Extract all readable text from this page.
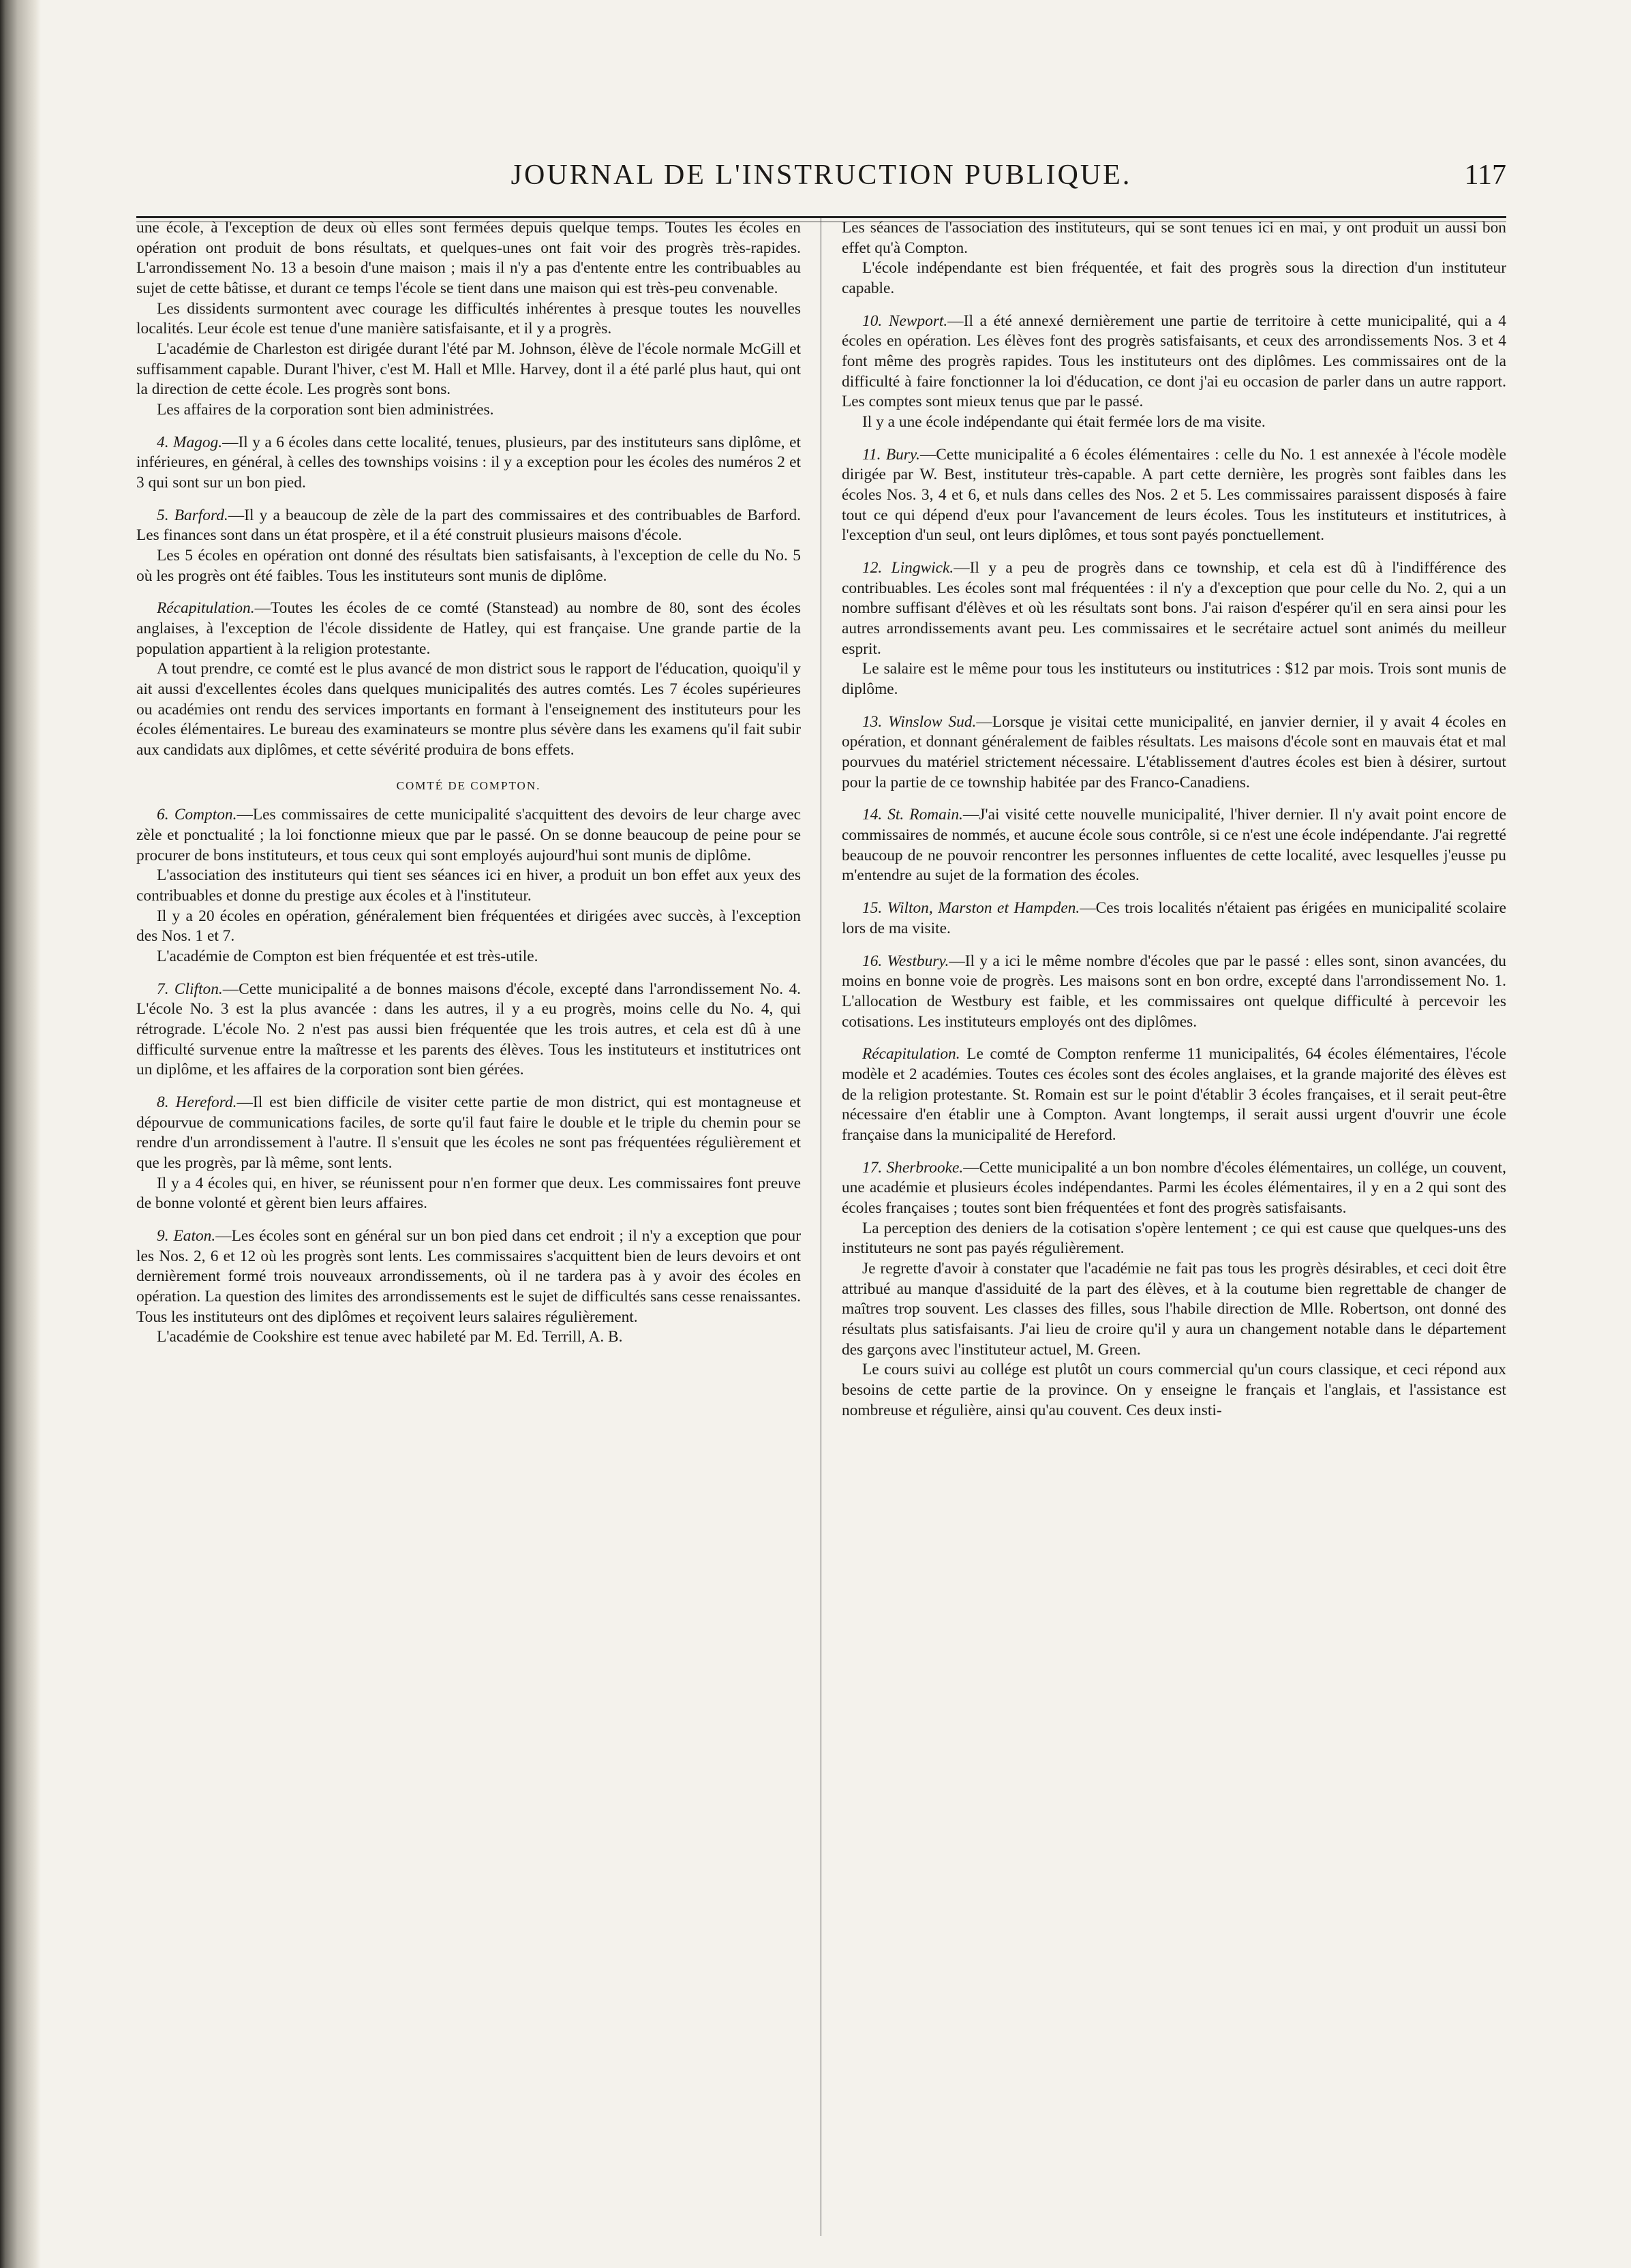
JOURNAL DE L'INSTRUCTION PUBLIQUE.	117

une école, à l'exception de deux où elles sont fermées depuis quelque temps. Toutes les écoles en opération ont produit de bons résultats, et quelques-unes ont fait voir des progrès très-rapides. L'arrondissement No. 13 a besoin d'une maison ; mais il n'y a pas d'entente entre les contribuables au sujet de cette bâtisse, et durant ce temps l'école se tient dans une maison qui est très-peu convenable.

Les dissidents surmontent avec courage les difficultés inhérentes à presque toutes les nouvelles localités. Leur école est tenue d'une manière satisfaisante, et il y a progrès.

L'académie de Charleston est dirigée durant l'été par M. Johnson, élève de l'école normale McGill et suffisamment capable. Durant l'hiver, c'est M. Hall et Mlle. Harvey, dont il a été parlé plus haut, qui ont la direction de cette école. Les progrès sont bons.

Les affaires de la corporation sont bien administrées.

4. Magog.—Il y a 6 écoles dans cette localité, tenues, plusieurs, par des instituteurs sans diplôme, et inférieures, en général, à celles des townships voisins : il y a exception pour les écoles des numéros 2 et 3 qui sont sur un bon pied.

5. Barford.—Il y a beaucoup de zèle de la part des commissaires et des contribuables de Barford. Les finances sont dans un état prospère, et il a été construit plusieurs maisons d'école.

Les 5 écoles en opération ont donné des résultats bien satisfaisants, à l'exception de celle du No. 5 où les progrès ont été faibles. Tous les instituteurs sont munis de diplôme.

Récapitulation.—Toutes les écoles de ce comté (Stanstead) au nombre de 80, sont des écoles anglaises, à l'exception de l'école dissidente de Hatley, qui est française. Une grande partie de la population appartient à la religion protestante.

A tout prendre, ce comté est le plus avancé de mon district sous le rapport de l'éducation, quoiqu'il y ait aussi d'excellentes écoles dans quelques municipalités des autres comtés. Les 7 écoles supérieures ou académies ont rendu des services importants en formant à l'enseignement des instituteurs pour les écoles élémentaires. Le bureau des examinateurs se montre plus sévère dans les examens qu'il fait subir aux candidats aux diplômes, et cette sévérité produira de bons effets.

COMTÉ DE COMPTON.

6. Compton.—Les commissaires de cette municipalité s'acquittent des devoirs de leur charge avec zèle et ponctualité ; la loi fonctionne mieux que par le passé. On se donne beaucoup de peine pour se procurer de bons instituteurs, et tous ceux qui sont employés aujourd'hui sont munis de diplôme.

L'association des instituteurs qui tient ses séances ici en hiver, a produit un bon effet aux yeux des contribuables et donne du prestige aux écoles et à l'instituteur.

Il y a 20 écoles en opération, généralement bien fréquentées et dirigées avec succès, à l'exception des Nos. 1 et 7.

L'académie de Compton est bien fréquentée et est très-utile.

7. Clifton.—Cette municipalité a de bonnes maisons d'école, excepté dans l'arrondissement No. 4. L'école No. 3 est la plus avancée : dans les autres, il y a eu progrès, moins celle du No. 4, qui rétrograde. L'école No. 2 n'est pas aussi bien fréquentée que les trois autres, et cela est dû à une difficulté survenue entre la maîtresse et les parents des élèves. Tous les instituteurs et institutrices ont un diplôme, et les affaires de la corporation sont bien gérées.

8. Hereford.—Il est bien difficile de visiter cette partie de mon district, qui est montagneuse et dépourvue de communications faciles, de sorte qu'il faut faire le double et le triple du chemin pour se rendre d'un arrondissement à l'autre. Il s'ensuit que les écoles ne sont pas fréquentées régulièrement et que les progrès, par là même, sont lents.

Il y a 4 écoles qui, en hiver, se réunissent pour n'en former que deux. Les commissaires font preuve de bonne volonté et gèrent bien leurs affaires.

9. Eaton.—Les écoles sont en général sur un bon pied dans cet endroit ; il n'y a exception que pour les Nos. 2, 6 et 12 où les progrès sont lents. Les commissaires s'acquittent bien de leurs devoirs et ont dernièrement formé trois nouveaux arrondissements, où il ne tardera pas à y avoir des écoles en opération. La question des limites des arrondissements est le sujet de difficultés sans cesse renaissantes. Tous les instituteurs ont des diplômes et reçoivent leurs salaires régulièrement.

L'académie de Cookshire est tenue avec habileté par M. Ed. Terrill, A. B.

Les séances de l'association des instituteurs, qui se sont tenues ici en mai, y ont produit un aussi bon effet qu'à Compton.

L'école indépendante est bien fréquentée, et fait des progrès sous la direction d'un instituteur capable.

10. Newport.—Il a été annexé dernièrement une partie de territoire à cette municipalité, qui a 4 écoles en opération. Les élèves font des progrès satisfaisants, et ceux des arrondissements Nos. 3 et 4 font même des progrès rapides. Tous les instituteurs ont des diplômes. Les commissaires ont de la difficulté à faire fonctionner la loi d'éducation, ce dont j'ai eu occasion de parler dans un autre rapport. Les comptes sont mieux tenus que par le passé.

Il y a une école indépendante qui était fermée lors de ma visite.

11. Bury.—Cette municipalité a 6 écoles élémentaires : celle du No. 1 est annexée à l'école modèle dirigée par W. Best, instituteur très-capable. A part cette dernière, les progrès sont faibles dans les écoles Nos. 3, 4 et 6, et nuls dans celles des Nos. 2 et 5. Les commissaires paraissent disposés à faire tout ce qui dépend d'eux pour l'avancement de leurs écoles. Tous les instituteurs et institutrices, à l'exception d'un seul, ont leurs diplômes, et tous sont payés ponctuellement.

12. Lingwick.—Il y a peu de progrès dans ce township, et cela est dû à l'indifférence des contribuables. Les écoles sont mal fréquentées : il n'y a d'exception que pour celle du No. 2, qui a un nombre suffisant d'élèves et où les résultats sont bons. J'ai raison d'espérer qu'il en sera ainsi pour les autres arrondissements avant peu. Les commissaires et le secrétaire actuel sont animés du meilleur esprit.

Le salaire est le même pour tous les instituteurs ou institutrices : $12 par mois. Trois sont munis de diplôme.

13. Winslow Sud.—Lorsque je visitai cette municipalité, en janvier dernier, il y avait 4 écoles en opération, et donnant généralement de faibles résultats. Les maisons d'école sont en mauvais état et mal pourvues du matériel strictement nécessaire. L'établissement d'autres écoles est bien à désirer, surtout pour la partie de ce township habitée par des Franco-Canadiens.

14. St. Romain.—J'ai visité cette nouvelle municipalité, l'hiver dernier. Il n'y avait point encore de commissaires de nommés, et aucune école sous contrôle, si ce n'est une école indépendante. J'ai regretté beaucoup de ne pouvoir rencontrer les personnes influentes de cette localité, avec lesquelles j'eusse pu m'entendre au sujet de la formation des écoles.

15. Wilton, Marston et Hampden.—Ces trois localités n'étaient pas érigées en municipalité scolaire lors de ma visite.

16. Westbury.—Il y a ici le même nombre d'écoles que par le passé : elles sont, sinon avancées, du moins en bonne voie de progrès. Les maisons sont en bon ordre, excepté dans l'arrondissement No. 1. L'allocation de Westbury est faible, et les commissaires ont quelque difficulté à percevoir les cotisations. Les instituteurs employés ont des diplômes.

Récapitulation. Le comté de Compton renferme 11 municipalités, 64 écoles élémentaires, l'école modèle et 2 académies. Toutes ces écoles sont des écoles anglaises, et la grande majorité des élèves est de la religion protestante. St. Romain est sur le point d'établir 3 écoles françaises, et il serait peut-être nécessaire d'en établir une à Compton. Avant longtemps, il serait aussi urgent d'ouvrir une école française dans la municipalité de Hereford.

17. Sherbrooke.—Cette municipalité a un bon nombre d'écoles élémentaires, un collége, un couvent, une académie et plusieurs écoles indépendantes. Parmi les écoles élémentaires, il y en a 2 qui sont des écoles françaises ; toutes sont bien fréquentées et font des progrès satisfaisants.

La perception des deniers de la cotisation s'opère lentement ; ce qui est cause que quelques-uns des instituteurs ne sont pas payés régulièrement.

Je regrette d'avoir à constater que l'académie ne fait pas tous les progrès désirables, et ceci doit être attribué au manque d'assiduité de la part des élèves, et à la coutume bien regrettable de changer de maîtres trop souvent. Les classes des filles, sous l'habile direction de Mlle. Robertson, ont donné des résultats plus satisfaisants. J'ai lieu de croire qu'il y aura un changement notable dans le département des garçons avec l'instituteur actuel, M. Green.

Le cours suivi au collége est plutôt un cours commercial qu'un cours classique, et ceci répond aux besoins de cette partie de la province. On y enseigne le français et l'anglais, et l'assistance est nombreuse et régulière, ainsi qu'au couvent. Ces deux insti-
